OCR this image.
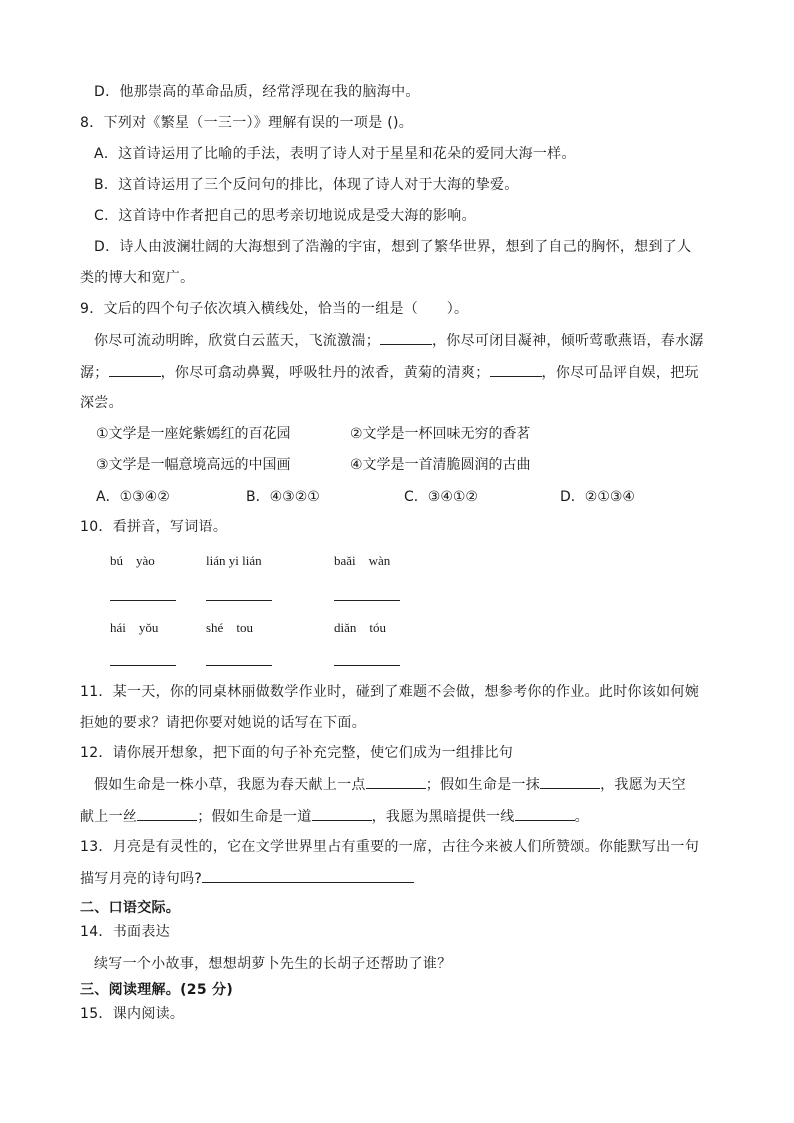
D．他那崇高的革命品质，经常浮现在我的脑海中。
8．下列对《繁星（一三一）》理解有误的一项是 ()。
A．这首诗运用了比喻的手法，表明了诗人对于星星和花朵的爱同大海一样。
B．这首诗运用了三个反问句的排比，体现了诗人对于大海的挚爱。
C．这首诗中作者把自己的思考亲切地说成是受大海的影响。
D．诗人由波澜壮阔的大海想到了浩瀚的宇宙，想到了繁华世界，想到了自己的胸怀，想到了人
类的博大和宽广。
9．文后的四个句子依次填入横线处，恰当的一组是（　　）。
你尽可流动明眸，欣赏白云蓝天，飞流激湍；	，你尽可闭目凝神，倾听莺歌燕语，春水潺
潺；	，你尽可翕动鼻翼，呼吸牡丹的浓香，黄菊的清爽；	，你尽可品评自娱，把玩
深尝。
①文学是一座姹紫嫣红的百花园	②文学是一杯回味无穷的香茗
③文学是一幅意境高远的中国画	④文学是一首清脆圆润的古曲
A．①③④②	B．④③②①	C．③④①②	D．②①③④
10．看拼音，写词语。
bú　yào	lián yi lián	baǎi　wàn
hái　yǒu	shé　tou	diǎn　tóu
11．某一天，你的同桌林丽做数学作业时，碰到了难题不会做，想参考你的作业。此时你该如何婉
拒她的要求？请把你要对她说的话写在下面。
12．请你展开想象，把下面的句子补充完整，使它们成为一组排比句
假如生命是一株小草，我愿为春天献上一点	；假如生命是一抹	，我愿为天空
献上一丝	；假如生命是一道	，我愿为黑暗提供一线	。
13．月亮是有灵性的，它在文学世界里占有重要的一席，古往今来被人们所赞颂。你能默写出一句
描写月亮的诗句吗?
二、口语交际。
14．书面表达
续写一个小故事，想想胡萝卜先生的长胡子还帮助了谁？
三、阅读理解。(25 分)
15．课内阅读。
